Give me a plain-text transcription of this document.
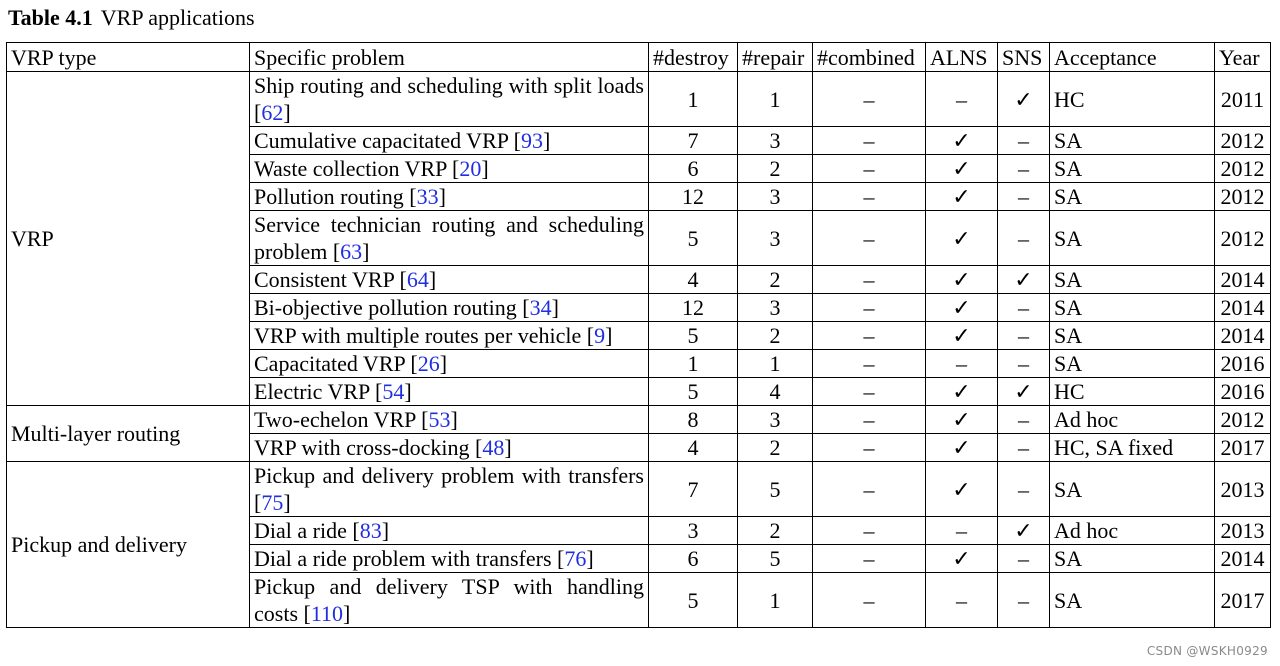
Table 4.1 VRP applications
VRP type	Specific problem	#destroy	#repair	#combined	ALNS	SNS	Acceptance	Year
VRP	Ship routing and scheduling with split loads [62]	1	1	–	–	✓	HC	2011
	Cumulative capacitated VRP [93]	7	3	–	✓	–	SA	2012
	Waste collection VRP [20]	6	2	–	✓	–	SA	2012
	Pollution routing [33]	12	3	–	✓	–	SA	2012
	Service technician routing and scheduling problem [63]	5	3	–	✓	–	SA	2012
	Consistent VRP [64]	4	2	–	✓	✓	SA	2014
	Bi-objective pollution routing [34]	12	3	–	✓	–	SA	2014
	VRP with multiple routes per vehicle [9]	5	2	–	✓	–	SA	2014
	Capacitated VRP [26]	1	1	–	–	–	SA	2016
	Electric VRP [54]	5	4	–	✓	✓	HC	2016
Multi-layer routing	Two-echelon VRP [53]	8	3	–	✓	–	Ad hoc	2012
	VRP with cross-docking [48]	4	2	–	✓	–	HC, SA fixed	2017
Pickup and delivery	Pickup and delivery problem with transfers [75]	7	5	–	✓	–	SA	2013
	Dial a ride [83]	3	2	–	–	✓	Ad hoc	2013
	Dial a ride problem with transfers [76]	6	5	–	✓	–	SA	2014
	Pickup and delivery TSP with handling costs [110]	5	1	–	–	–	SA	2017
CSDN @WSKH0929
